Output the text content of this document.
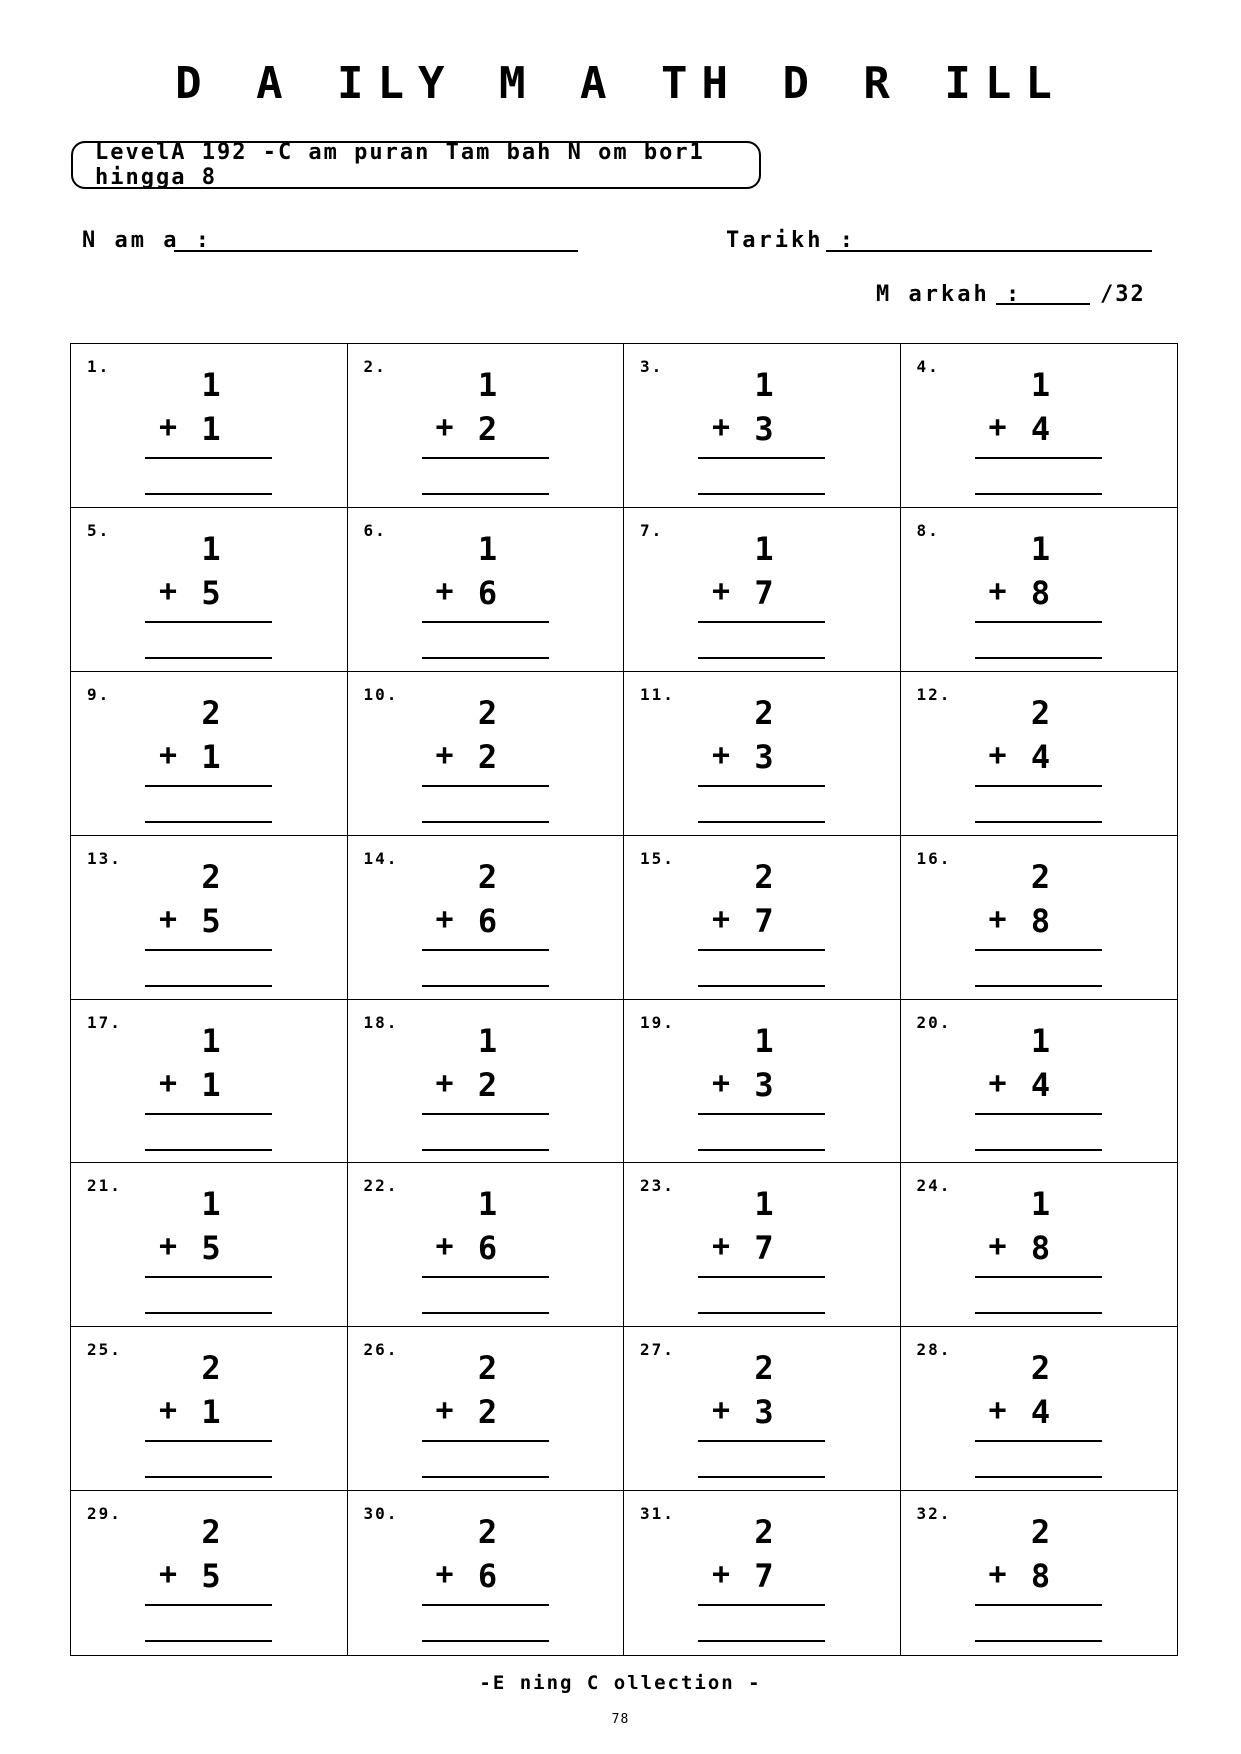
D A ILY M A TH D R ILL
LevelA 192 -C am puran Tam bah N om bor1 hingga 8
N am a :	Tarikh :
M arkah :	/32
1.	1
+ 1
2.	1
+ 2
3.	1
+ 3
4.	1
+ 4
5.	1
+ 5
6.	1
+ 6
7.	1
+ 7
8.	1
+ 8
9.	2
+ 1
10.	2
+ 2
11.	2
+ 3
12.	2
+ 4
13.	2
+ 5
14.	2
+ 6
15.	2
+ 7
16.	2
+ 8
17.	1
+ 1
18.	1
+ 2
19.	1
+ 3
20.	1
+ 4
21.	1
+ 5
22.	1
+ 6
23.	1
+ 7
24.	1
+ 8
25.	2
+ 1
26.	2
+ 2
27.	2
+ 3
28.	2
+ 4
29.	2
+ 5
30.	2
+ 6
31.	2
+ 7
32.	2
+ 8
-E ning C ollection -
78
